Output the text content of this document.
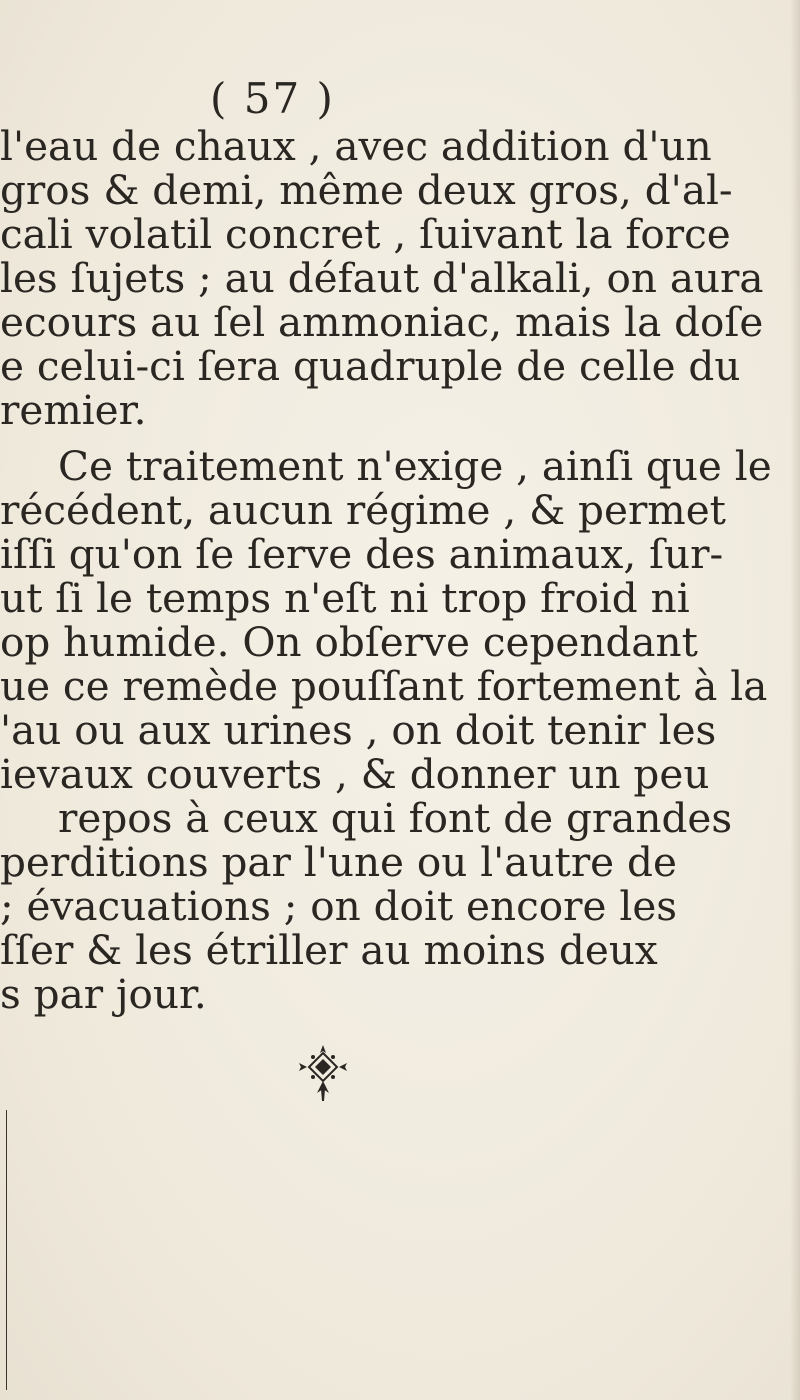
( 57 )
l'eau de chaux , avec addition d'un
gros & demi, même deux gros, d'al-
cali volatil concret , ſuivant la force
les ſujets ; au défaut d'alkali, on aura
ecours au ſel ammoniac, mais la doſe
e celui-ci ſera quadruple de celle du
remier.
Ce traitement n'exige , ainſi que le
récédent, aucun régime , & permet
iſſi qu'on ſe ſerve des animaux, ſur-
ut ſi le temps n'eſt ni trop froid ni
op humide. On obſerve cependant
ue ce remède pouſſant fortement à la
'au ou aux urines , on doit tenir les
ievaux couverts , & donner un peu
repos à ceux qui font de grandes
perditions par l'une ou l'autre de
; évacuations ; on doit encore les
ſſer & les étriller au moins deux
s par jour.
